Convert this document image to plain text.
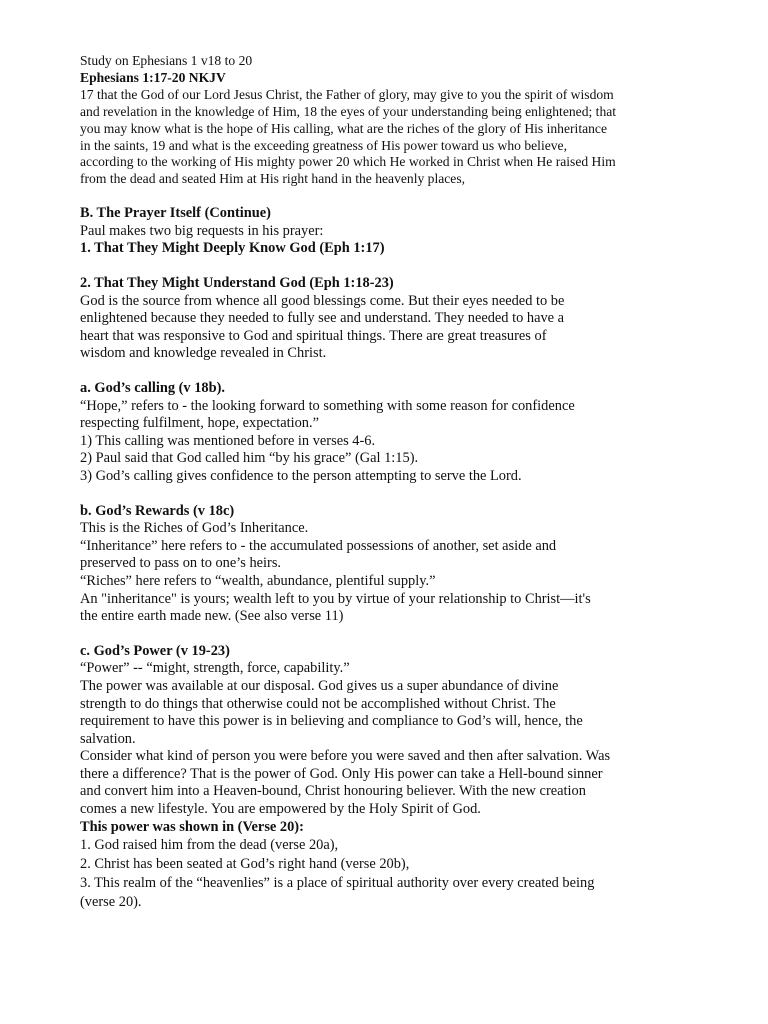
Study on Ephesians 1 v18 to 20

Ephesians 1:17-20 NKJV

17 that the God of our Lord Jesus Christ, the Father of glory, may give to you the spirit of wisdom

and revelation in the knowledge of Him, 18 the eyes of your understanding being enlightened; that

you may know what is the hope of His calling, what are the riches of the glory of His inheritance

in the saints, 19 and what is the exceeding greatness of His power toward us who believe,

according to the working of His mighty power 20 which He worked in Christ when He raised Him

from the dead and seated Him at His right hand in the heavenly places,

B. The Prayer Itself (Continue)

Paul makes two big requests in his prayer:

1. That They Might Deeply Know God (Eph 1:17)

2. That They Might Understand God (Eph 1:18-23)

God is the source from whence all good blessings come. But their eyes needed to be

enlightened because they needed to fully see and understand. They needed to have a

heart that was responsive to God and spiritual things. There are great treasures of

wisdom and knowledge revealed in Christ.

a. God’s calling (v 18b).

“Hope,” refers to - the looking forward to something with some reason for confidence

respecting fulfilment, hope, expectation.”

1) This calling was mentioned before in verses 4-6.

2) Paul said that God called him “by his grace” (Gal 1:15).

3) God’s calling gives confidence to the person attempting to serve the Lord.

b. God’s Rewards (v 18c)

This is the Riches of God’s Inheritance.

“Inheritance” here refers to - the accumulated possessions of another, set aside and

preserved to pass on to one’s heirs.

“Riches” here refers to “wealth, abundance, plentiful supply.”

An "inheritance" is yours; wealth left to you by virtue of your relationship to Christ—it's

the entire earth made new. (See also verse 11)

c. God’s Power (v 19-23)

“Power” -- “might, strength, force, capability.”

The power was available at our disposal. God gives us a super abundance of divine

strength to do things that otherwise could not be accomplished without Christ. The

requirement to have this power is in believing and compliance to God’s will, hence, the

salvation.

Consider what kind of person you were before you were saved and then after salvation. Was

there a difference? That is the power of God. Only His power can take a Hell-bound sinner

and convert him into a Heaven-bound, Christ honouring believer. With the new creation

comes a new lifestyle. You are empowered by the Holy Spirit of God.

This power was shown in (Verse 20):

1. God raised him from the dead (verse 20a),

2. Christ has been seated at God’s right hand (verse 20b),

3. This realm of the “heavenlies” is a place of spiritual authority over every created being

(verse 20).
